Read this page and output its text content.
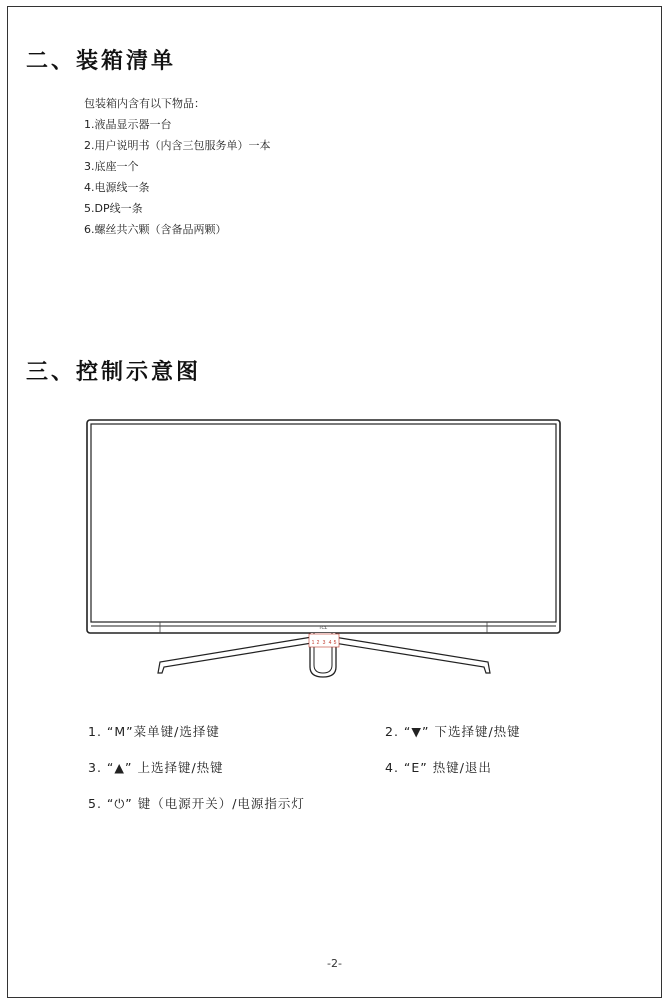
二、装箱清单
包装箱内含有以下物品：
1.液晶显示器一台
2.用户说明书（内含三包服务单）一本
3.底座一个
4.电源线一条
5.DP线一条
6.螺丝共六颗（含备品两颗）
三、控制示意图
TCL
1 2 3 4 5
1. “M”菜单键/选择键	2. “▼” 下选择键/热键
3. “▲” 上选择键/热键	4. “E” 热键/退出
5. “⏻” 键（电源开关）/电源指示灯
-2-
